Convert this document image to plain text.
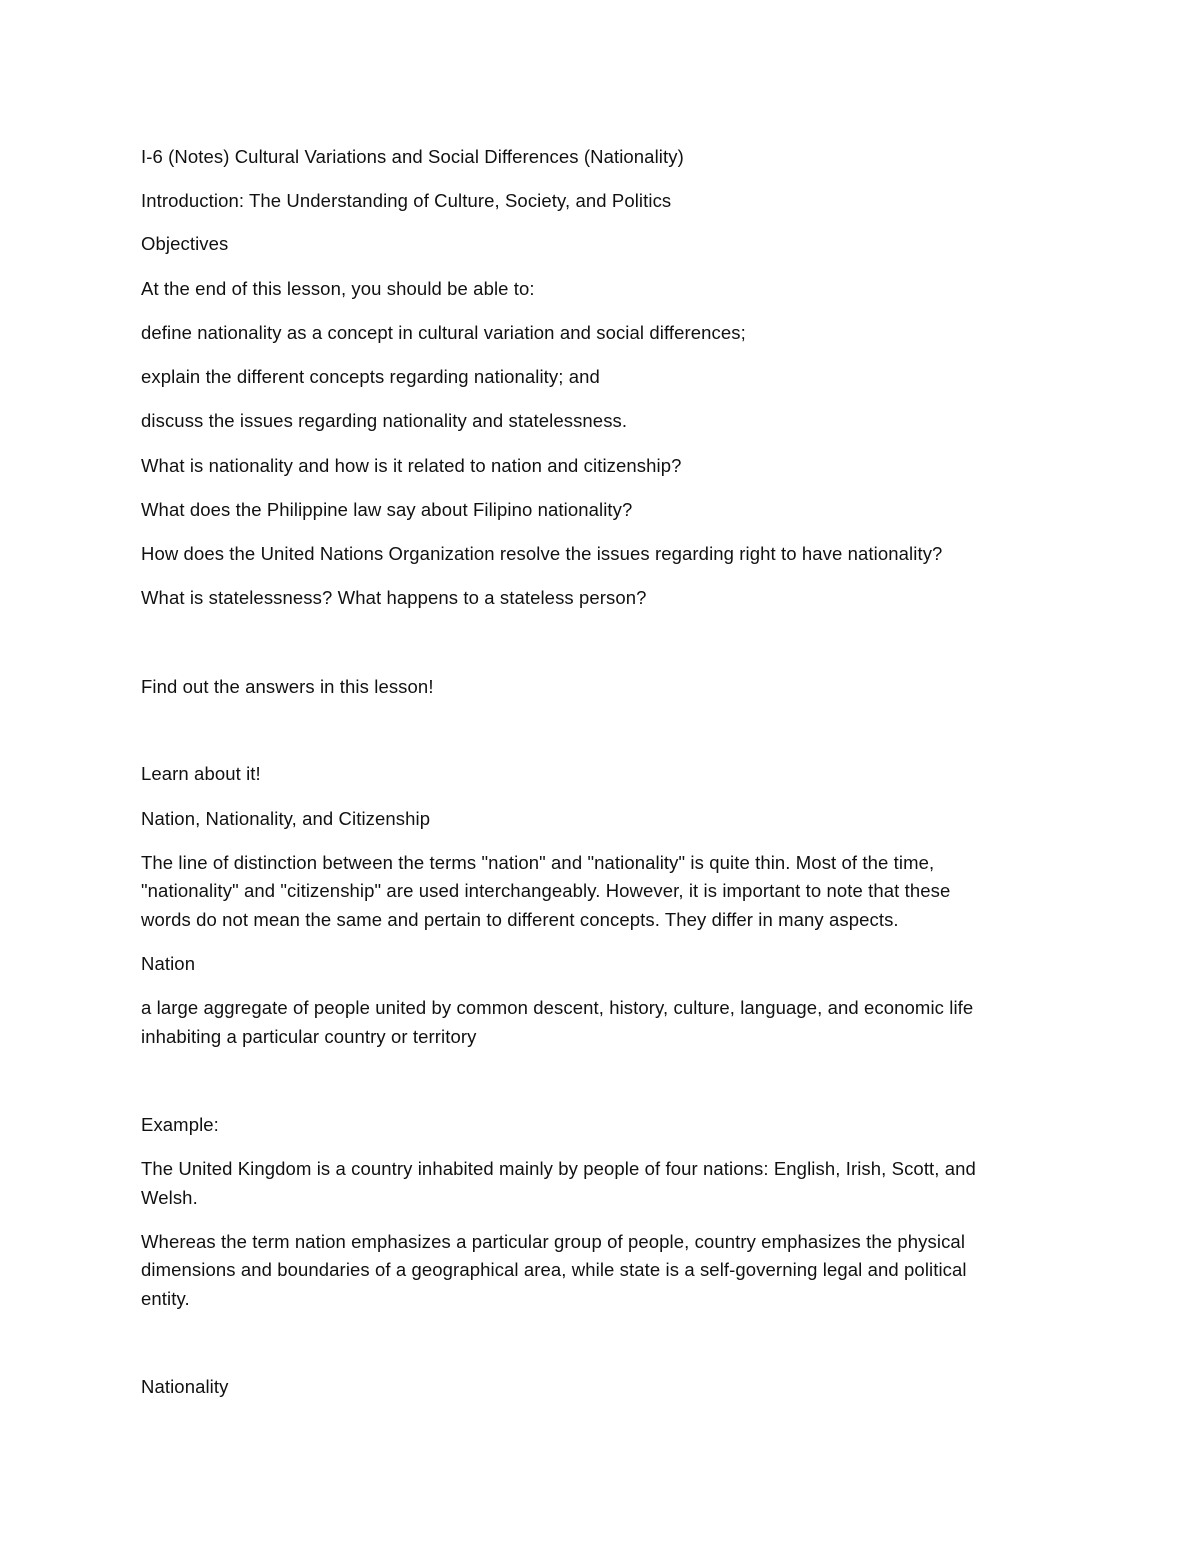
I-6 (Notes) Cultural Variations and Social Differences (Nationality)

Introduction: The Understanding of Culture, Society, and Politics

Objectives

At the end of this lesson, you should be able to:

define nationality as a concept in cultural variation and social differences;

explain the different concepts regarding nationality; and

discuss the issues regarding nationality and statelessness.

What is nationality and how is it related to nation and citizenship?

What does the Philippine law say about Filipino nationality?

How does the United Nations Organization resolve the issues regarding right to have nationality?

What is statelessness? What happens to a stateless person?

Find out the answers in this lesson!

Learn about it!

Nation, Nationality, and Citizenship

The line of distinction between the terms "nation" and "nationality" is quite thin. Most of the time,

"nationality" and "citizenship" are used interchangeably. However, it is important to note that these

words do not mean the same and pertain to different concepts. They differ in many aspects.

Nation

a large aggregate of people united by common descent, history, culture, language, and economic life

inhabiting a particular country or territory

Example:

The United Kingdom is a country inhabited mainly by people of four nations: English, Irish, Scott, and

Welsh.

Whereas the term nation emphasizes a particular group of people, country emphasizes the physical

dimensions and boundaries of a geographical area, while state is a self-governing legal and political

entity.

Nationality
